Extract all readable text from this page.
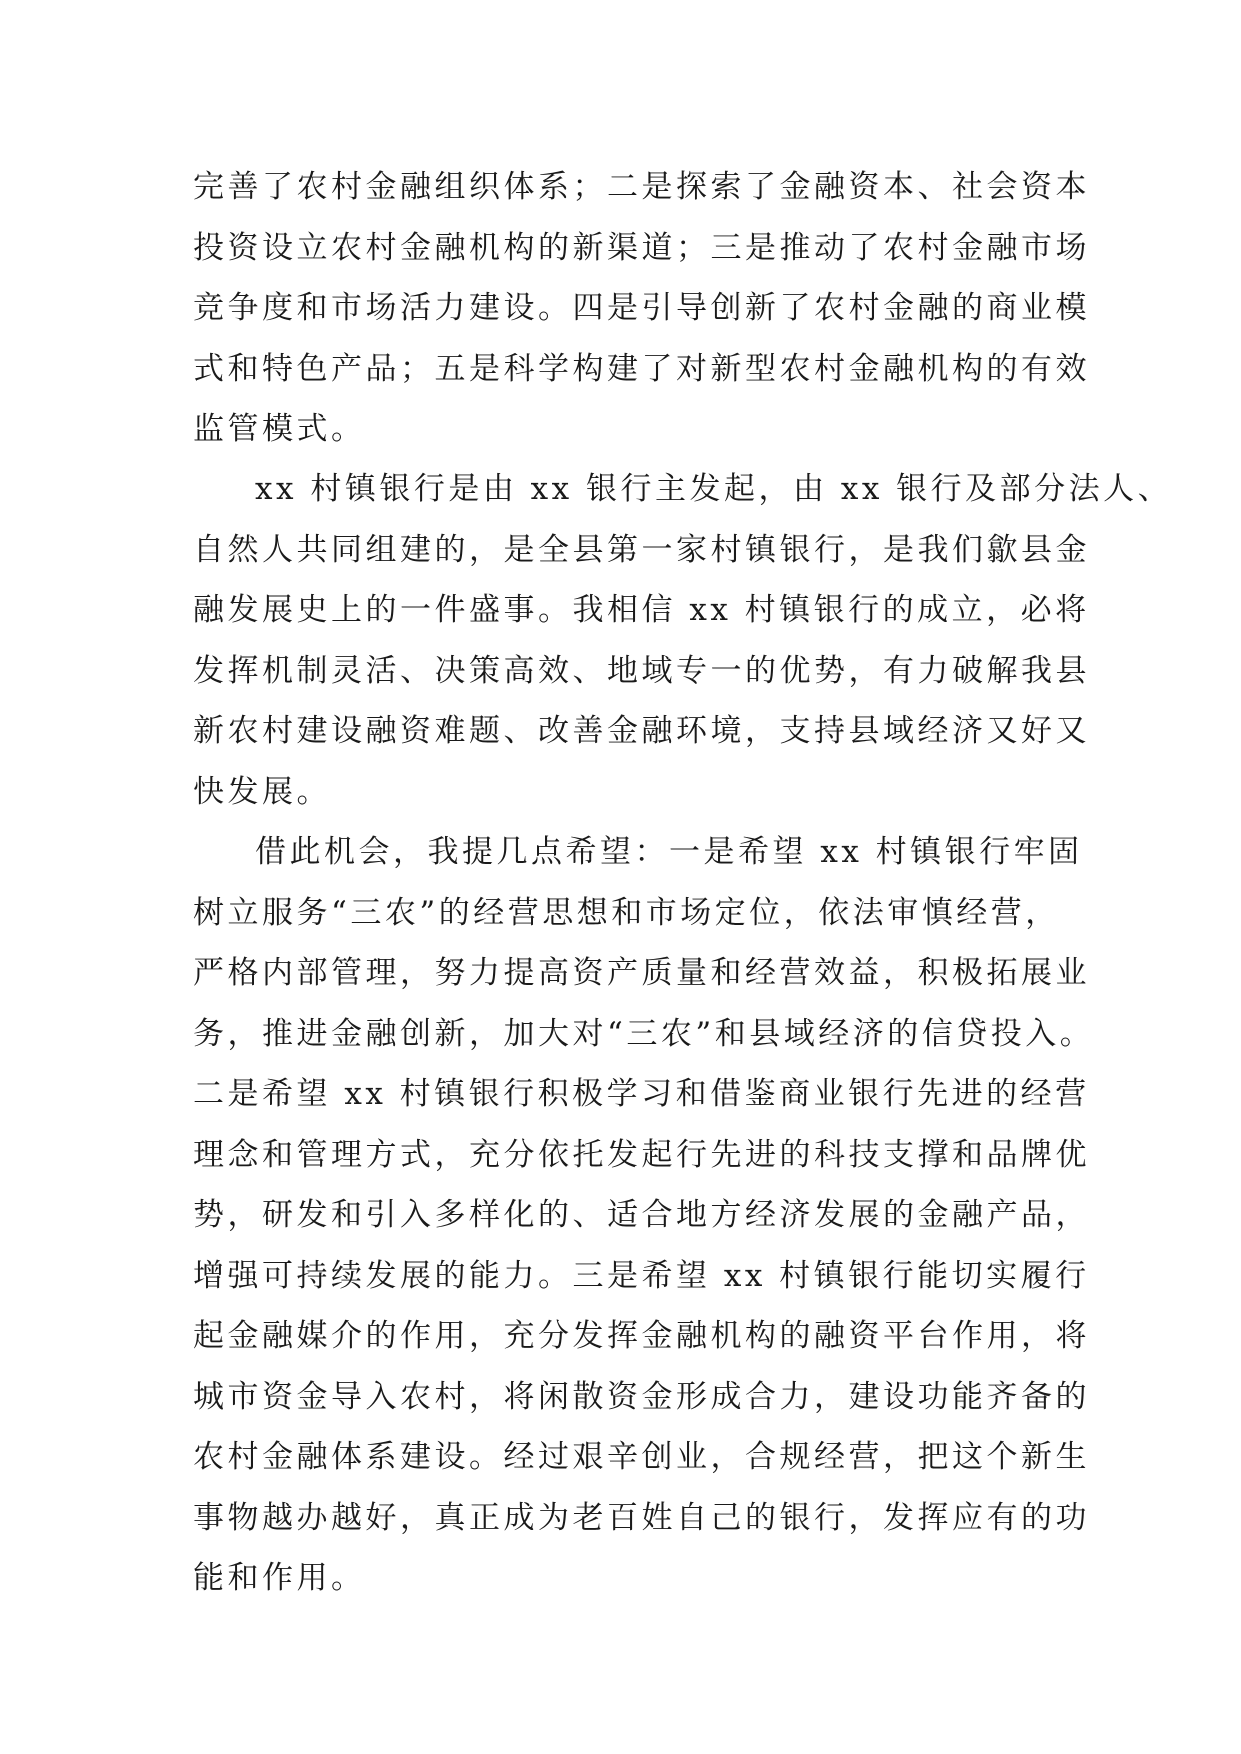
完善了农村金融组织体系；二是探索了金融资本、社会资本
投资设立农村金融机构的新渠道；三是推动了农村金融市场
竞争度和市场活力建设。四是引导创新了农村金融的商业模
式和特色产品；五是科学构建了对新型农村金融机构的有效
监管模式。
xx 村镇银行是由 xx 银行主发起，由 xx 银行及部分法人、
自然人共同组建的，是全县第一家村镇银行，是我们歙县金
融发展史上的一件盛事。我相信 xx 村镇银行的成立，必将
发挥机制灵活、决策高效、地域专一的优势，有力破解我县
新农村建设融资难题、改善金融环境，支持县域经济又好又
快发展。
借此机会，我提几点希望：一是希望 xx 村镇银行牢固
树立服务“三农”的经营思想和市场定位，依法审慎经营，
严格内部管理，努力提高资产质量和经营效益，积极拓展业
务，推进金融创新，加大对“三农”和县域经济的信贷投入。
二是希望 xx 村镇银行积极学习和借鉴商业银行先进的经营
理念和管理方式，充分依托发起行先进的科技支撑和品牌优
势，研发和引入多样化的、适合地方经济发展的金融产品，
增强可持续发展的能力。三是希望 xx 村镇银行能切实履行
起金融媒介的作用，充分发挥金融机构的融资平台作用，将
城市资金导入农村，将闲散资金形成合力，建设功能齐备的
农村金融体系建设。经过艰辛创业，合规经营，把这个新生
事物越办越好，真正成为老百姓自己的银行，发挥应有的功
能和作用。
